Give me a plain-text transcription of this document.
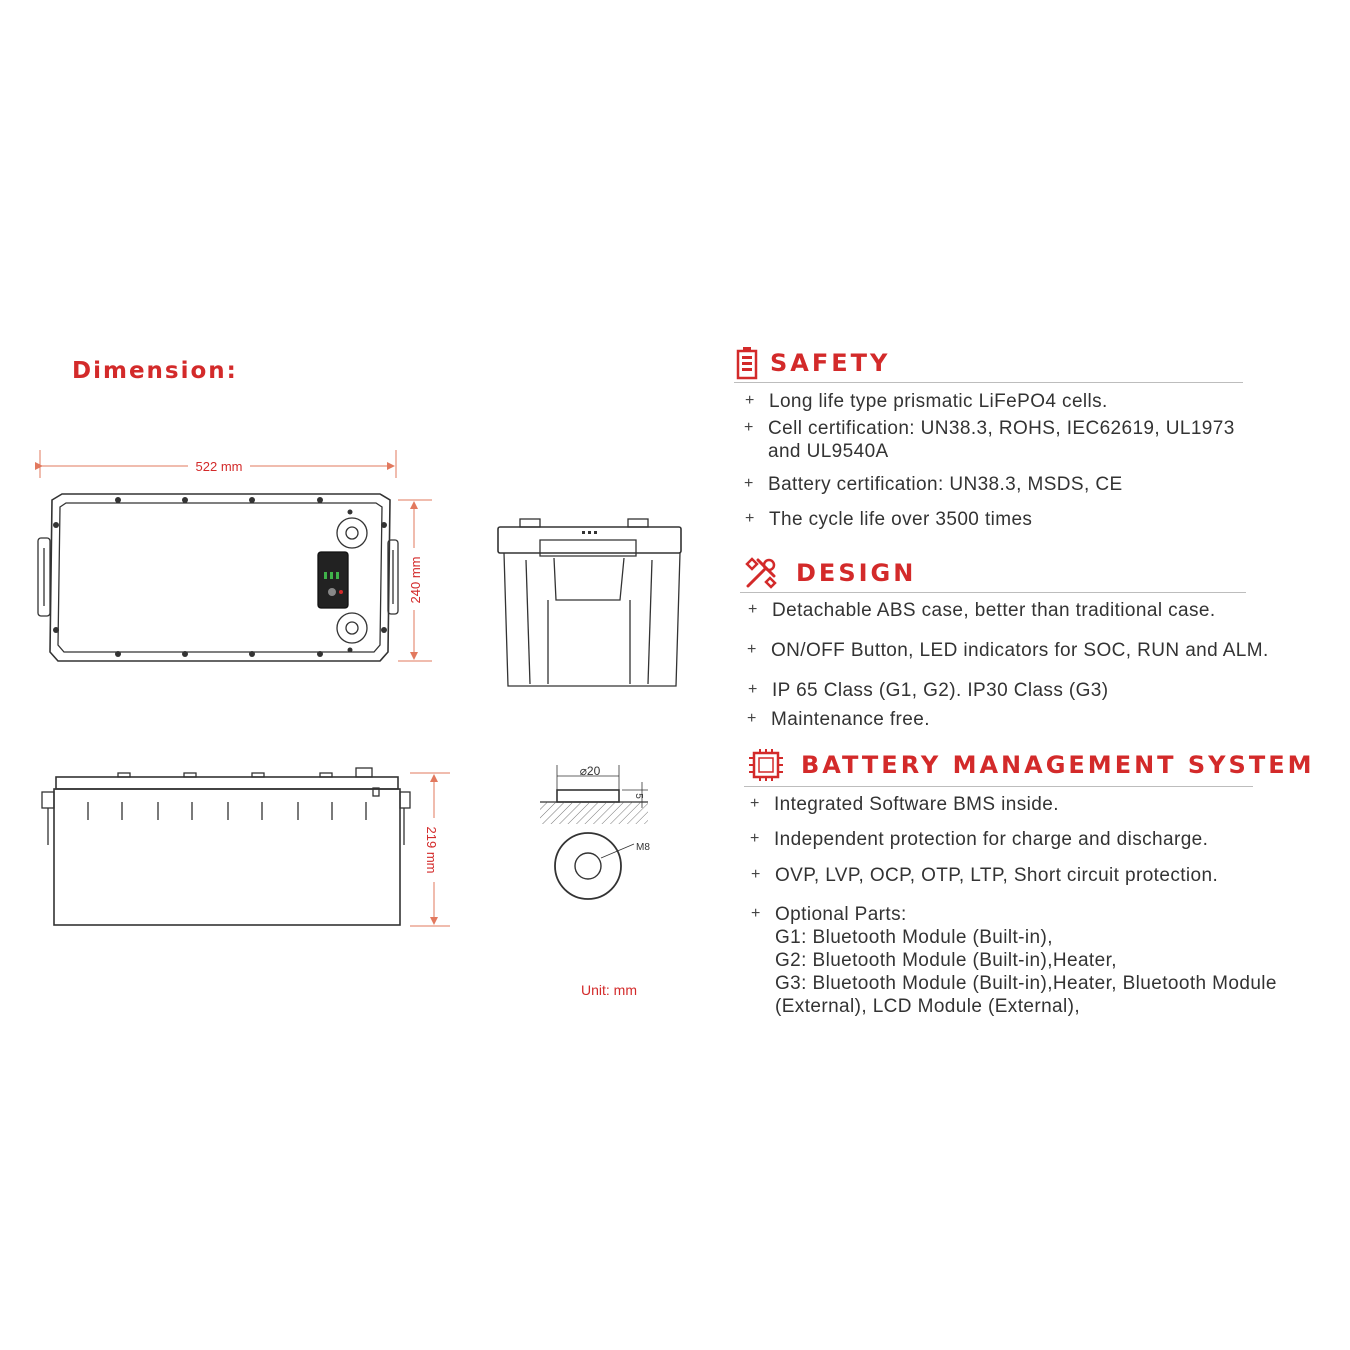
Dimension:
522 mm
240 mm
219 mm
⌀20
5
M8
Unit: mm
SAFETY
+ Long life type prismatic LiFePO4 cells.
+ Cell certification: UN38.3, ROHS, IEC62619, UL1973
and UL9540A
+ Battery certification: UN38.3, MSDS, CE
+ The cycle life over 3500 times
DESIGN
+ Detachable ABS case, better than traditional case.
+ ON/OFF Button, LED indicators for SOC, RUN and ALM.
+ IP 65 Class (G1, G2). IP30 Class (G3)
+ Maintenance free.
BATTERY MANAGEMENT SYSTEM
+ Integrated Software BMS inside.
+ Independent protection for charge and discharge.
+ OVP, LVP, OCP, OTP, LTP, Short circuit protection.
+ Optional Parts:
G1: Bluetooth Module (Built-in),
G2: Bluetooth Module (Built-in),Heater,
G3: Bluetooth Module (Built-in),Heater, Bluetooth Module
(External), LCD Module (External),
